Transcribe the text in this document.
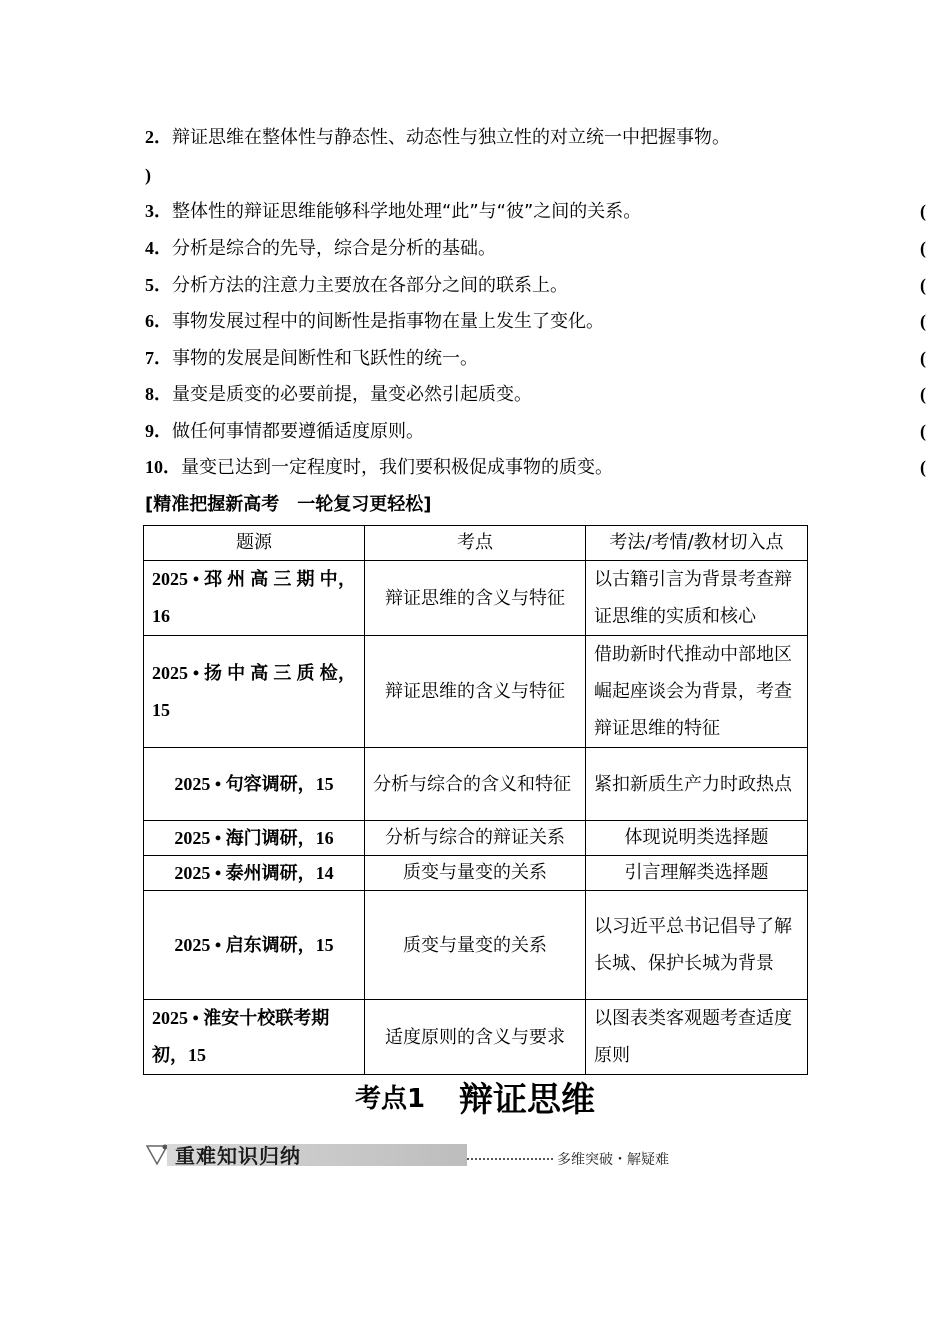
2．辩证思维在整体性与静态性、动态性与独立性的对立统一中把握事物。
)
3．整体性的辩证思维能够科学地处理“此”与“彼”之间的关系。	(
4．分析是综合的先导，综合是分析的基础。	(
5．分析方法的注意力主要放在各部分之间的联系上。	(
6．事物发展过程中的间断性是指事物在量上发生了变化。	(
7．事物的发展是间断性和飞跃性的统一。	(
8．量变是质变的必要前提，量变必然引起质变。	(
9．做任何事情都要遵循适度原则。	(
10．量变已达到一定程度时，我们要积极促成事物的质变。	(
[精准把握新高考　一轮复习更轻松]
题源	考点	考法/考情/教材切入点
2025 • 邳 州 高 三 期 中，16	辩证思维的含义与特征	以古籍引言为背景考查辩证思维的实质和核心
2025 • 扬 中 高 三 质 检，15	辩证思维的含义与特征	借助新时代推动中部地区崛起座谈会为背景，考查辩证思维的特征
2025 • 句容调研，15	分析与综合的含义和特征	紧扣新质生产力时政热点
2025 • 海门调研，16	分析与综合的辩证关系	体现说明类选择题
2025 • 泰州调研，14	质变与量变的关系	引言理解类选择题
2025 • 启东调研，15	质变与量变的关系	以习近平总书记倡导了解长城、保护长城为背景
2025 • 淮安十校联考期初，15	适度原则的含义与要求	以图表类客观题考查适度原则
考点1 辩证思维
重难知识归纳	多维突破・解疑难
